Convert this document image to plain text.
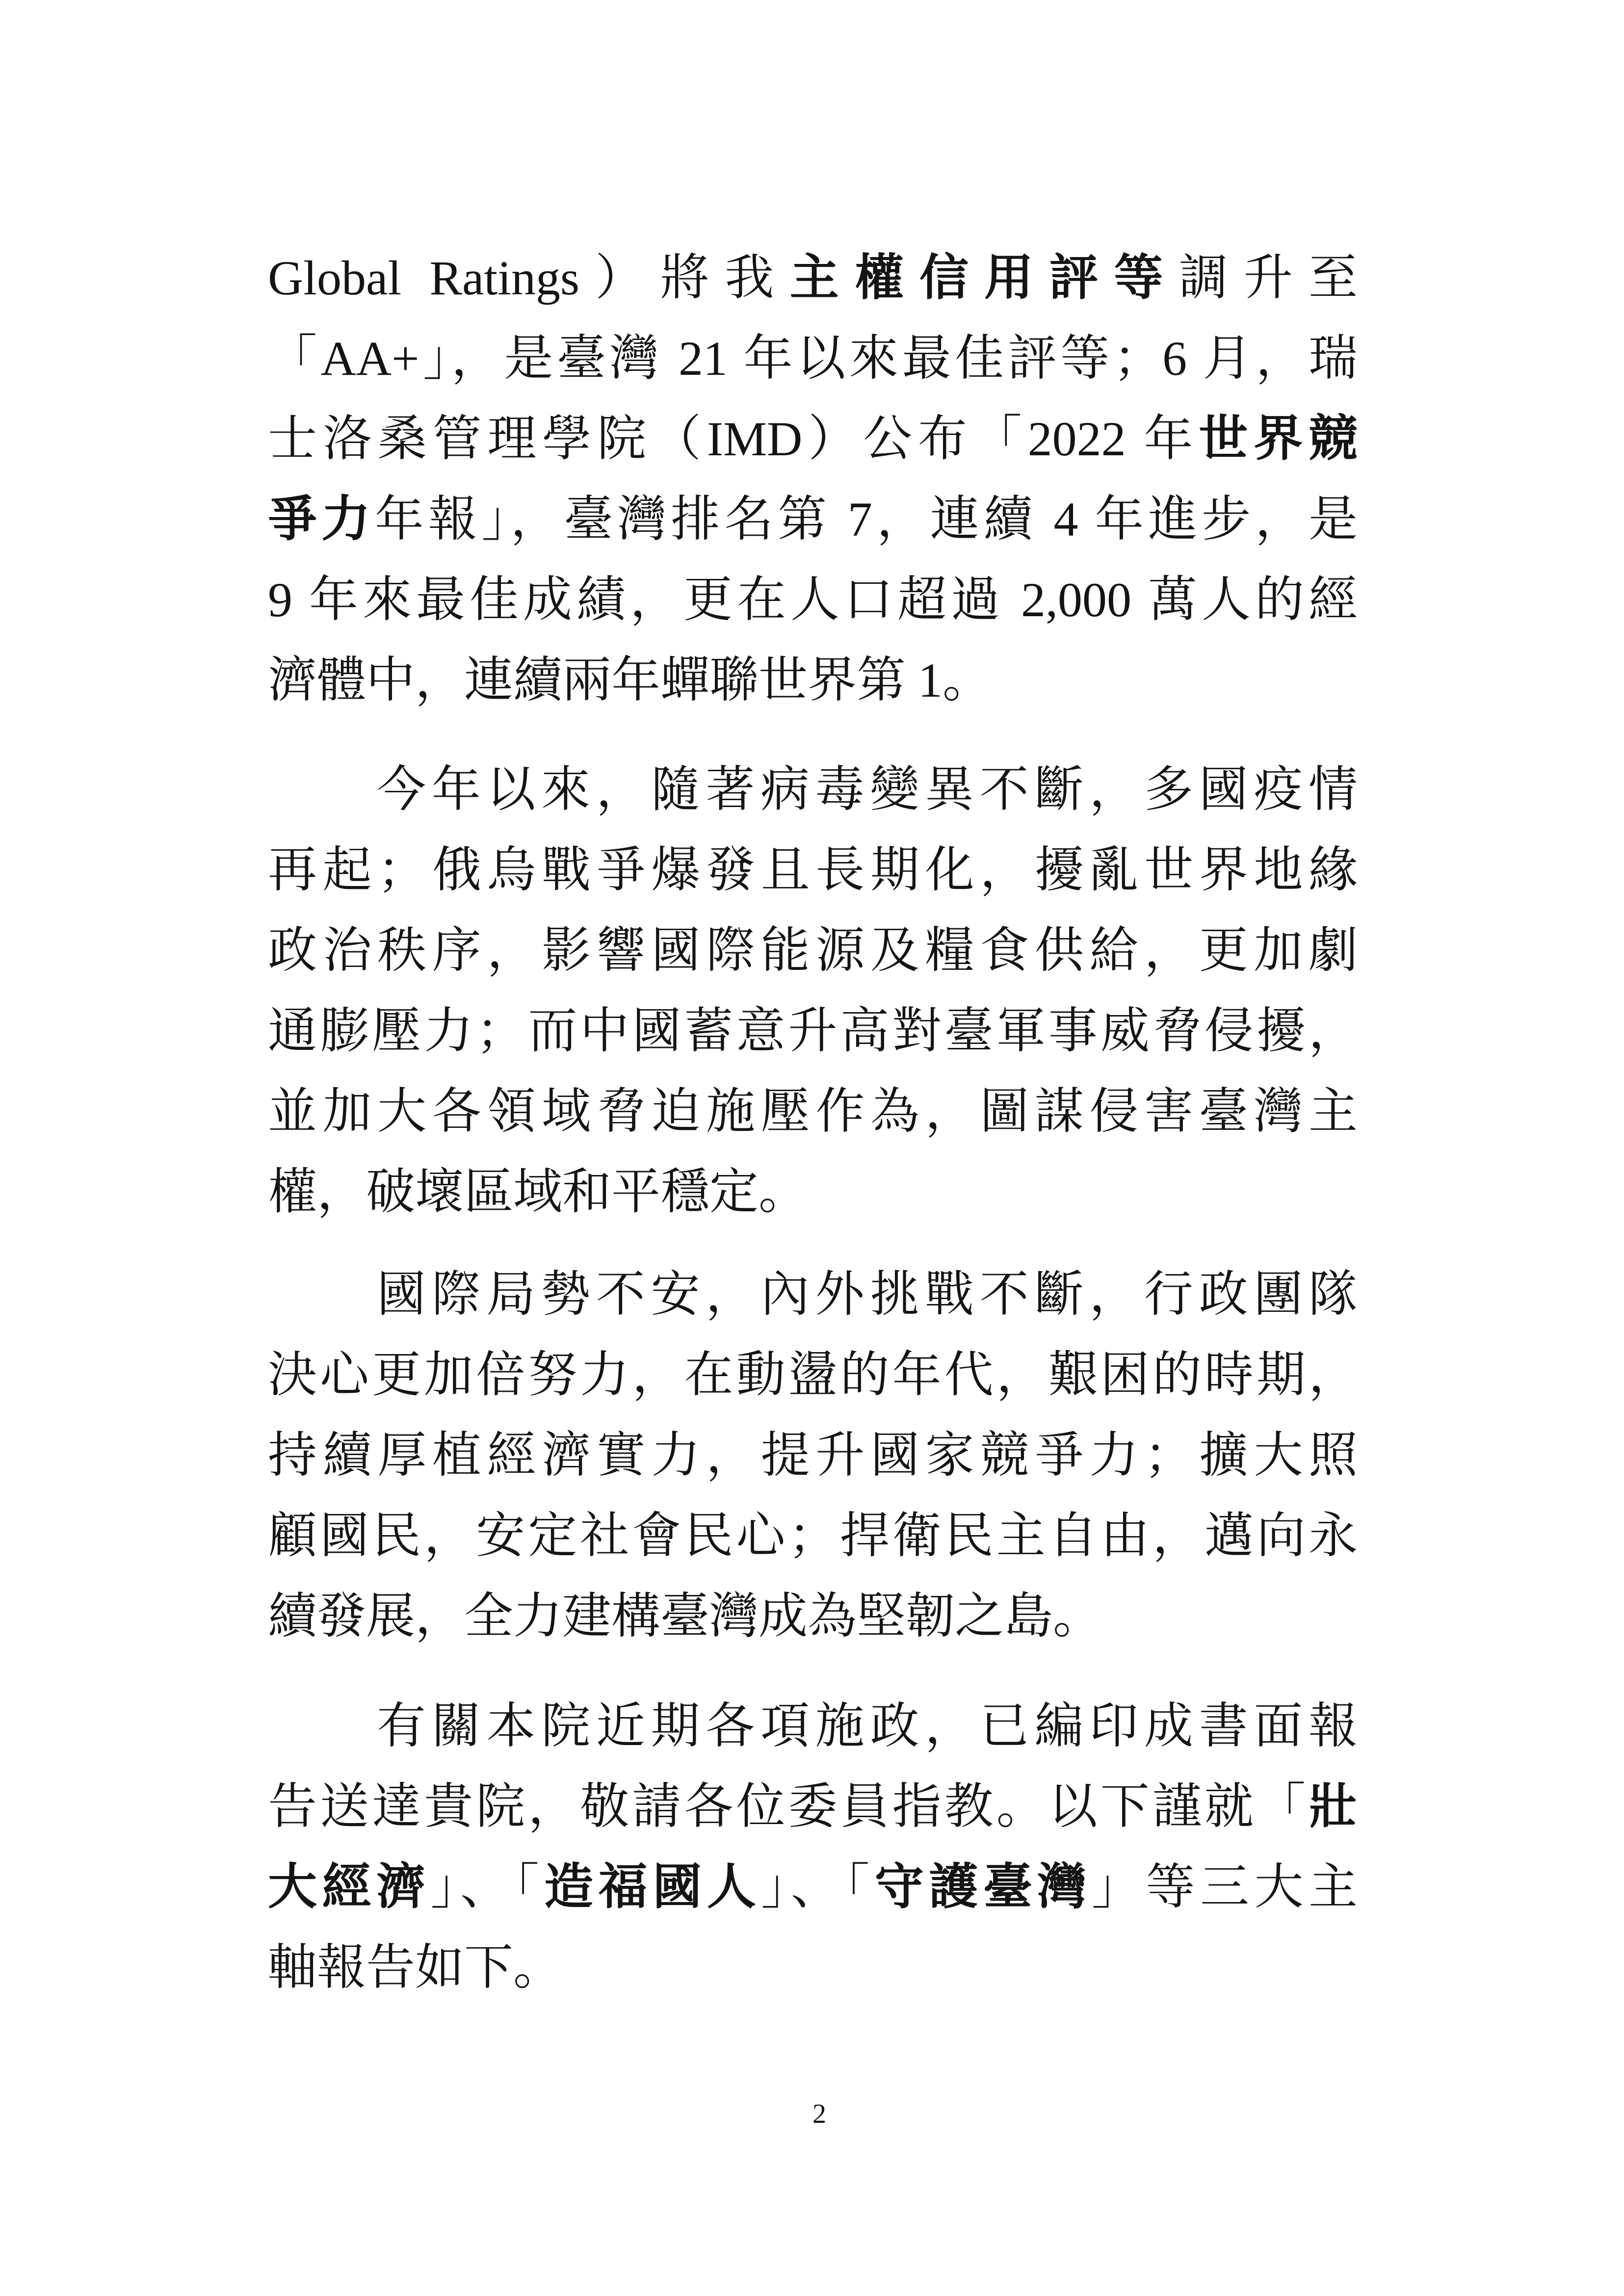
Global Ratings）將我主權信用評等調升至
「AA+」，是臺灣 21 年以來最佳評等；6 月，瑞
士洛桑管理學院（IMD）公布「2022 年世界競
爭力年報」，臺灣排名第 7，連續 4 年進步，是
9 年來最佳成績，更在人口超過 2,000 萬人的經
濟體中，連續兩年蟬聯世界第 1。
今年以來，隨著病毒變異不斷，多國疫情
再起；俄烏戰爭爆發且長期化，擾亂世界地緣
政治秩序，影響國際能源及糧食供給，更加劇
通膨壓力；而中國蓄意升高對臺軍事威脅侵擾，
並加大各領域脅迫施壓作為，圖謀侵害臺灣主
權，破壞區域和平穩定。
國際局勢不安，內外挑戰不斷，行政團隊
決心更加倍努力，在動盪的年代，艱困的時期，
持續厚植經濟實力，提升國家競爭力；擴大照
顧國民，安定社會民心；捍衛民主自由，邁向永
續發展，全力建構臺灣成為堅韌之島。
有關本院近期各項施政，已編印成書面報
告送達貴院，敬請各位委員指教。以下謹就「壯
大經濟」、「造福國人」、「守護臺灣」等三大主
軸報告如下。
2
